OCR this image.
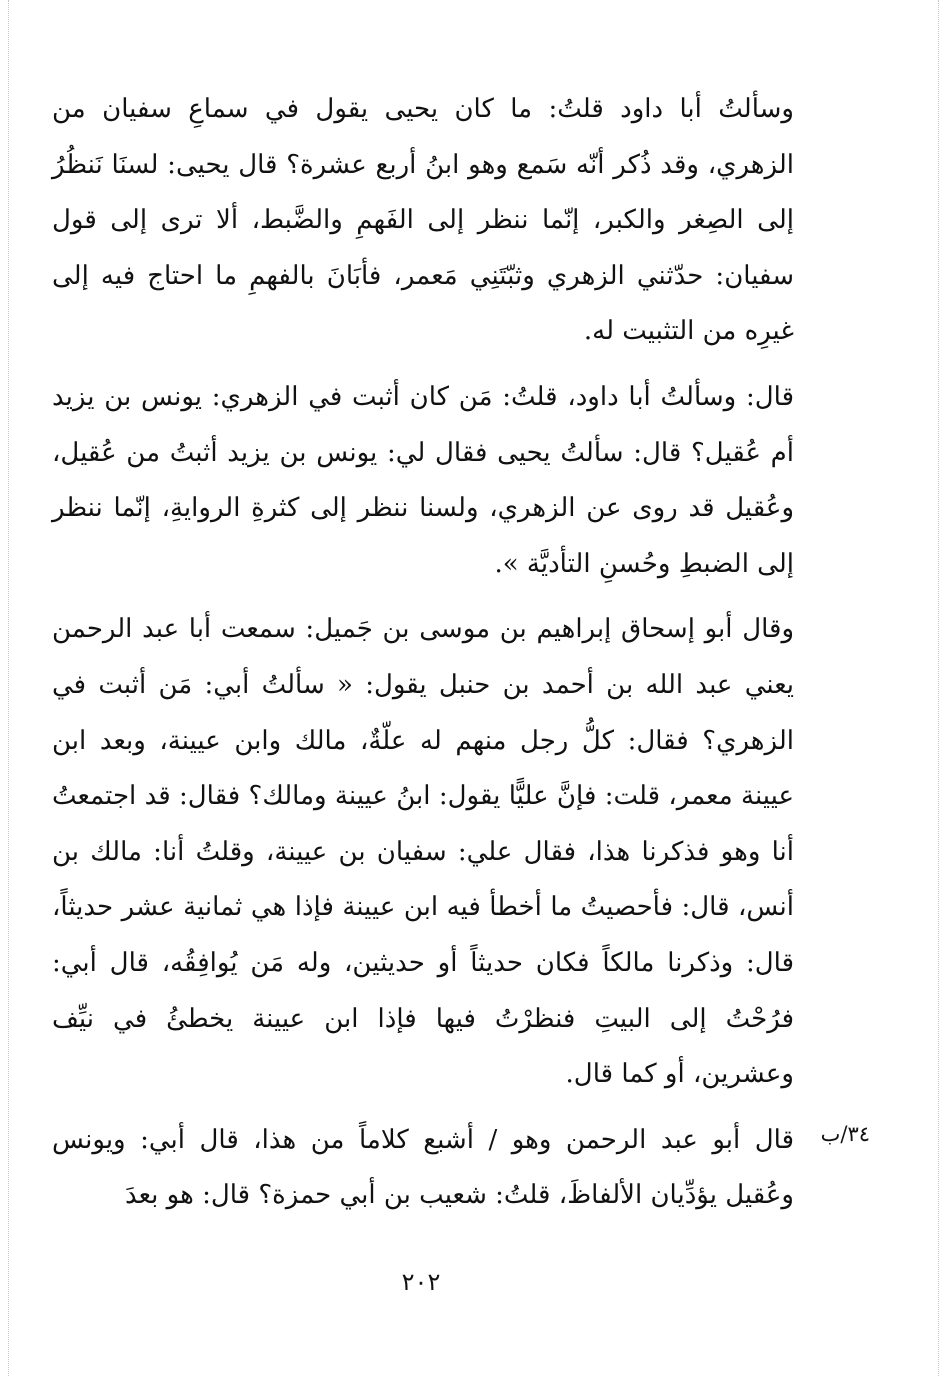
وسألتُ أبا داود قلتُ: ما كان يحيى يقول في سماعِ سفيان من الزهري، وقد ذُكر أنّه سَمع وهو ابنُ أربع عشرة؟ قال يحيى: لسنَا نَنظُرُ إلى الصِغر والكبر، إنّما ننظر إلى الفَهمِ والضَّبط، ألا ترى إلى قول سفيان: حدّثني الزهري وثبّتَنِي مَعمر، فأبَانَ بالفهمِ ما احتاج فيه إلى غيرِه من التثبيت له.

قال: وسألتُ أبا داود، قلتُ: مَن كان أثبت في الزهري: يونس بن يزيد أم عُقيل؟ قال: سألتُ يحيى فقال لي: يونس بن يزيد أثبتُ من عُقيل، وعُقيل قد روى عن الزهري، ولسنا ننظر إلى كثرةِ الروايةِ، إنّما ننظر إلى الضبطِ وحُسنِ التأديَّة ».

وقال أبو إسحاق إبراهيم بن موسى بن جَميل: سمعت أبا عبد الرحمن يعني عبد الله بن أحمد بن حنبل يقول: « سألتُ أبي: مَن أثبت في الزهري؟ فقال: كلُّ رجل منهم له علّةٌ، مالك وابن عيينة، وبعد ابن عيينة معمر، قلت: فإنَّ عليًّا يقول: ابنُ عيينة ومالك؟ فقال: قد اجتمعتُ أنا وهو فذكرنا هذا، فقال علي: سفيان بن عيينة، وقلتُ أنا: مالك بن أنس، قال: فأحصيتُ ما أخطأ فيه ابن عيينة فإذا هي ثمانية عشر حديثاً، قال: وذكرنا مالكاً فكان حديثاً أو حديثين، وله مَن يُوافِقُه، قال أبي: فرُحْتُ إلى البيتِ فنظرْتُ فيها فإذا ابن عيينة يخطئُ في نيِّف وعشرين، أو كما قال.

قال أبو عبد الرحمن وهو / أشبع كلاماً من هذا، قال أبي: ويونس وعُقيل يؤدِّيان الألفاظَ، قلتُ: شعيب بن أبي حمزة؟ قال: هو بعدَ

٣٤/ب
٢٠٢
